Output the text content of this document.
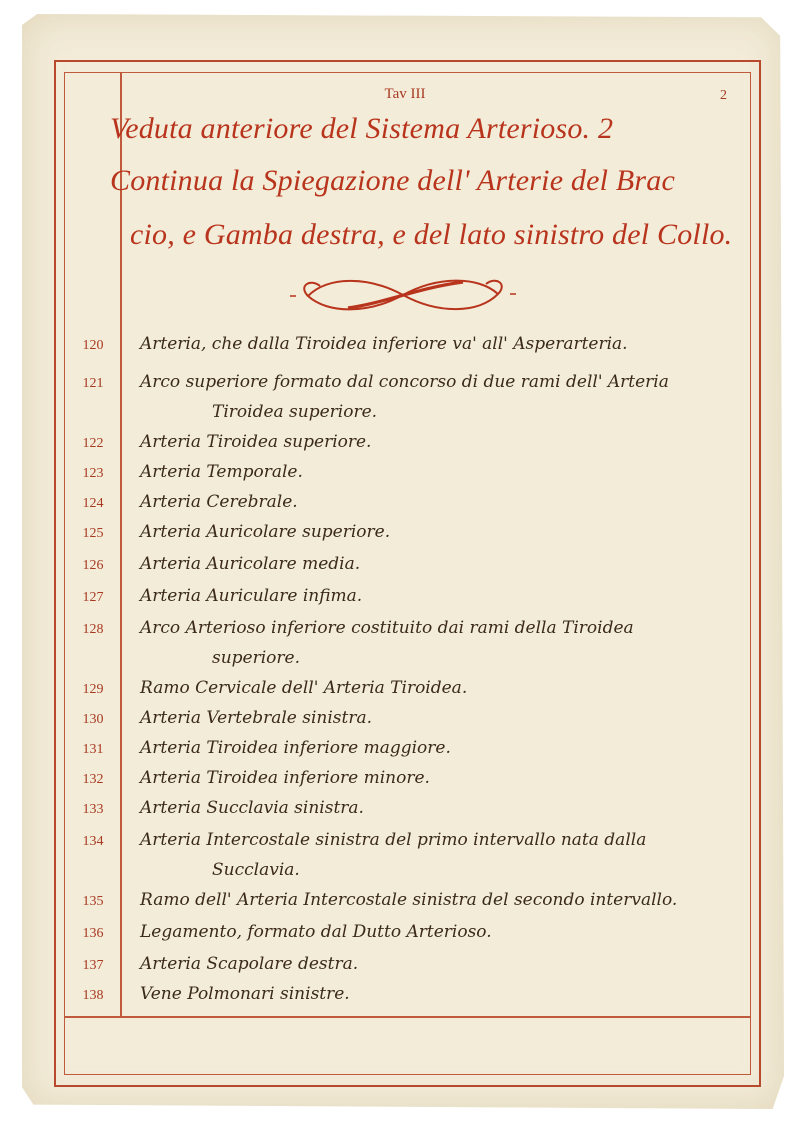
Tav III	2
Veduta anteriore del Sistema Arterioso. 2
Continua la Spiegazione dell' Arterie del Brac
cio, e Gamba destra, e del lato sinistro del Collo.
120	Arteria, che dalla Tiroidea inferiore va' all' Asperarteria.
121	Arco superiore formato dal concorso di due rami dell' Arteria
Tiroidea superiore.
122	Arteria Tiroidea superiore.
123	Arteria Temporale.
124	Arteria Cerebrale.
125	Arteria Auricolare superiore.
126	Arteria Auricolare media.
127	Arteria Auriculare infima.
128	Arco Arterioso inferiore costituito dai rami della Tiroidea
superiore.
129	Ramo Cervicale dell' Arteria Tiroidea.
130	Arteria Vertebrale sinistra.
131	Arteria Tiroidea inferiore maggiore.
132	Arteria Tiroidea inferiore minore.
133	Arteria Succlavia sinistra.
134	Arteria Intercostale sinistra del primo intervallo nata dalla
Succlavia.
135	Ramo dell' Arteria Intercostale sinistra del secondo intervallo.
136	Legamento, formato dal Dutto Arterioso.
137	Arteria Scapolare destra.
138	Vene Polmonari sinistre.
